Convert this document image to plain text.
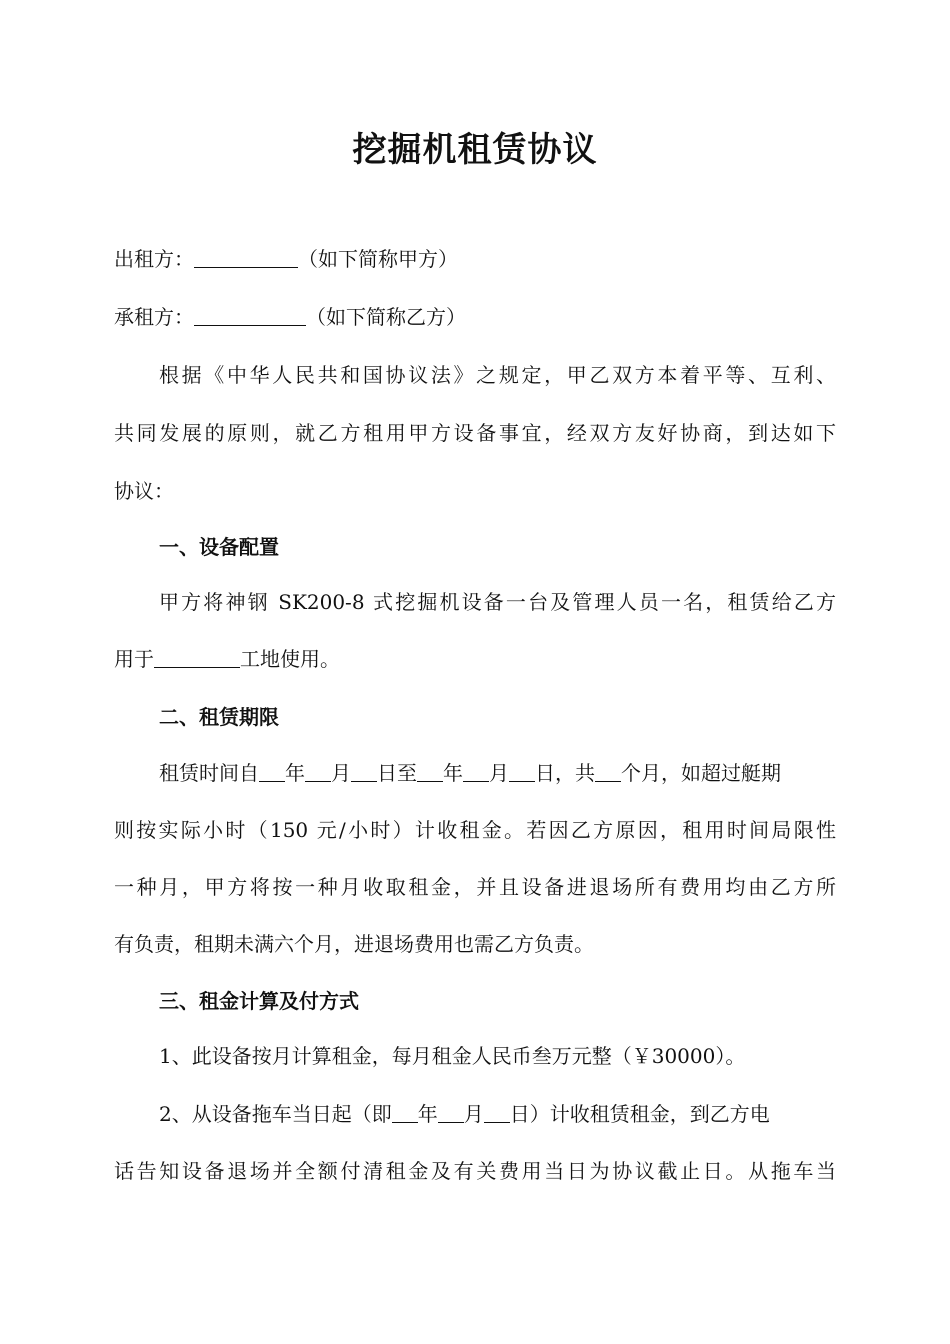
挖掘机租赁协议
出租方：	（如下简称甲方）
承租方：	（如下简称乙方）
根据《中华人民共和国协议法》之规定，甲乙双方本着平等、互利、
共同发展的原则，就乙方租用甲方设备事宜，经双方友好协商，到达如下
协议：
一、设备配置
甲方将神钢 SK200-8 式挖掘机设备一台及管理人员一名，租赁给乙方
用于	工地使用。
二、租赁期限
租赁时间自 年 月 日至 年 月 日，共 个月，如超过艇期
则按实际小时（150 元/小时）计收租金。若因乙方原因，租用时间局限性
一种月，甲方将按一种月收取租金，并且设备进退场所有费用均由乙方所
有负责，租期未满六个月，进退场费用也需乙方负责。
三、租金计算及付方式
1、此设备按月计算租金，每月租金人民币叁万元整（￥30000）。
2、从设备拖车当日起（即 年 月 日）计收租赁租金，到乙方电
话告知设备退场并全额付清租金及有关费用当日为协议截止日。从拖车当
